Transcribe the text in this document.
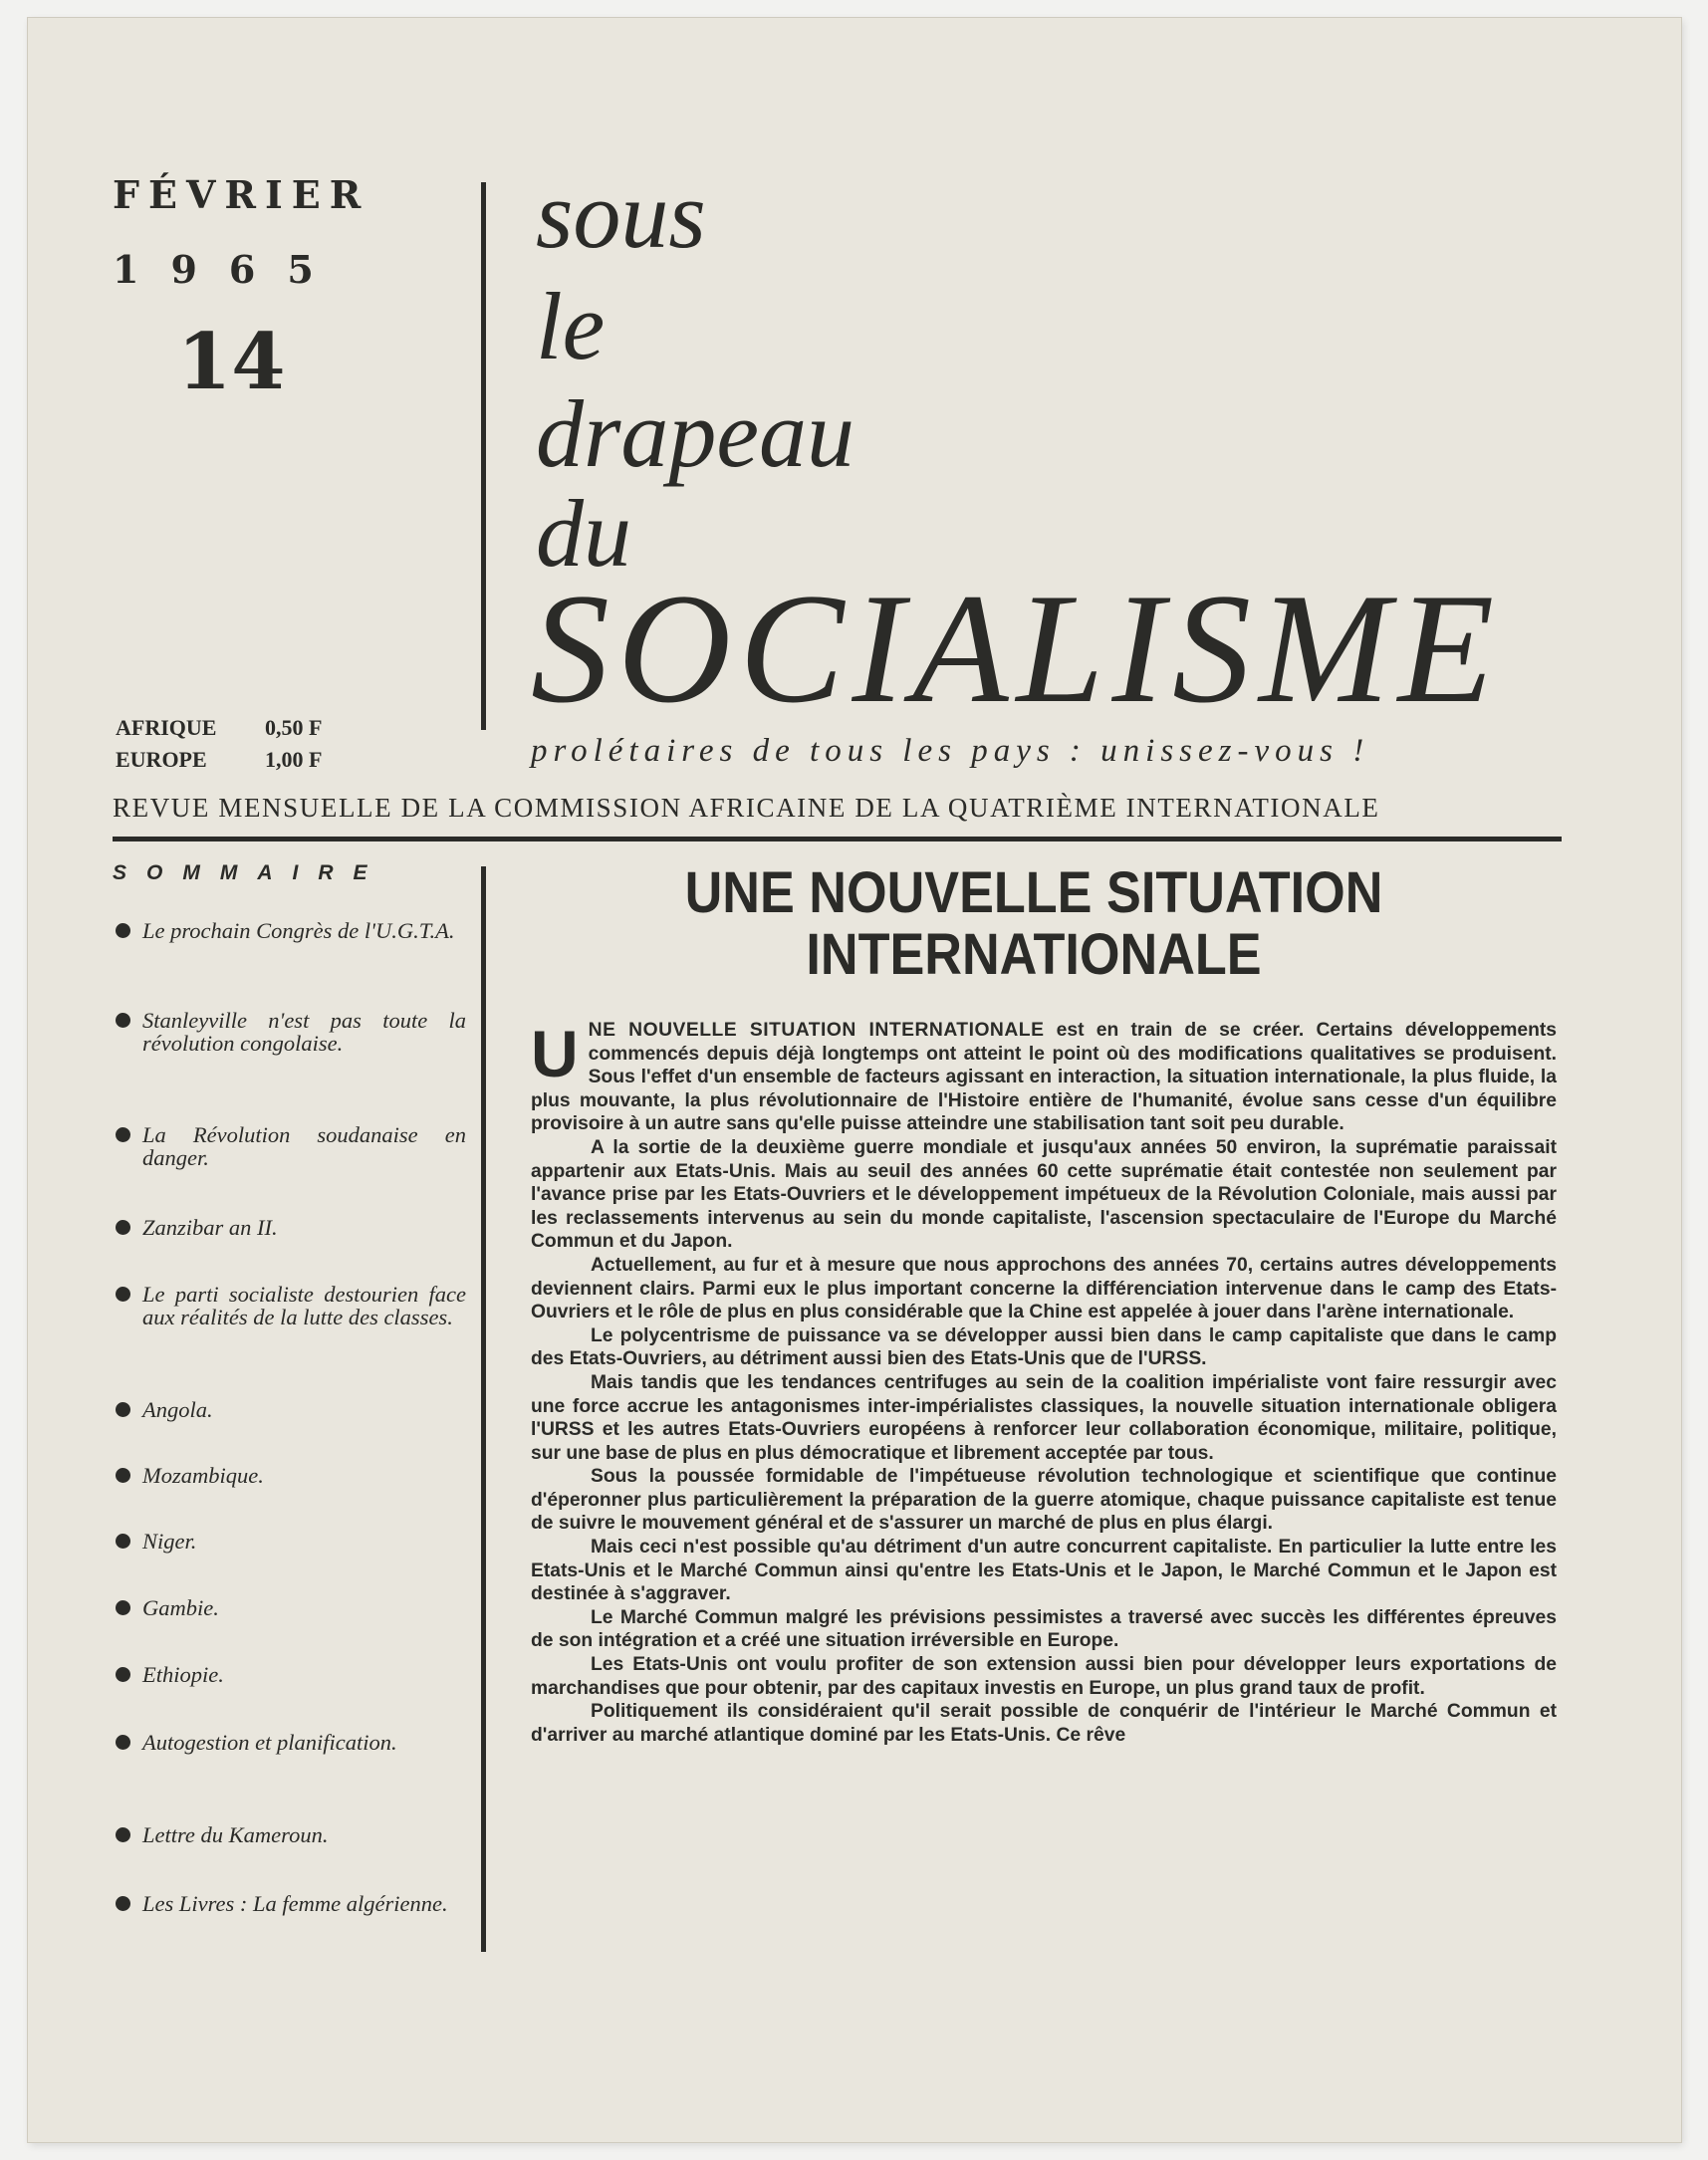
FÉVRIER
1965
14
AFRIQUE 0,50 F
EUROPE	1,00 F
sous
le
drapeau
du
SOCIALISME
prolétaires de tous les pays : unissez-vous !
REVUE MENSUELLE DE LA COMMISSION AFRICAINE DE LA QUATRIÈME INTERNATIONALE
SOMMAIRE
Le prochain Congrès de l'U.G.T.A.
Stanleyville n'est pas toute la révolution congolaise.
La Révolution soudanaise en danger.
Zanzibar an II.
Le parti socialiste destourien face aux réalités de la lutte des classes.
Angola.
Mozambique.
Niger.
Gambie.
Ethiopie.
Autogestion et planification.
Lettre du Kameroun.
Les Livres : La femme algérienne.
UNE NOUVELLE SITUATION
INTERNATIONALE

UNE NOUVELLE SITUATION INTERNATIONALE est en train de se créer. Certains développements commencés depuis déjà longtemps ont atteint le point où des modifications qualitatives se produisent. Sous l'effet d'un ensemble de facteurs agissant en interaction, la situation internationale, la plus fluide, la plus mouvante, la plus révolutionnaire de l'Histoire entière de l'humanité, évolue sans cesse d'un équilibre provisoire à un autre sans qu'elle puisse atteindre une stabilisation tant soit peu durable.

A la sortie de la deuxième guerre mondiale et jusqu'aux années 50 environ, la suprématie paraissait appartenir aux Etats-Unis. Mais au seuil des années 60 cette suprématie était contestée non seulement par l'avance prise par les Etats-Ouvriers et le développement impétueux de la Révolution Coloniale, mais aussi par les reclassements intervenus au sein du monde capitaliste, l'ascension spectaculaire de l'Europe du Marché Commun et du Japon.

Actuellement, au fur et à mesure que nous approchons des années 70, certains autres développements deviennent clairs. Parmi eux le plus important concerne la différenciation intervenue dans le camp des Etats-Ouvriers et le rôle de plus en plus considérable que la Chine est appelée à jouer dans l'arène internationale.

Le polycentrisme de puissance va se développer aussi bien dans le camp capitaliste que dans le camp des Etats-Ouvriers, au détriment aussi bien des Etats-Unis que de l'URSS.

Mais tandis que les tendances centrifuges au sein de la coalition impérialiste vont faire ressurgir avec une force accrue les antagonismes inter-impérialistes classiques, la nouvelle situation internationale obligera l'URSS et les autres Etats-Ouvriers européens à renforcer leur collaboration économique, militaire, politique, sur une base de plus en plus démocratique et librement acceptée par tous.

Sous la poussée formidable de l'impétueuse révolution technologique et scientifique que continue d'éperonner plus particulièrement la préparation de la guerre atomique, chaque puissance capitaliste est tenue de suivre le mouvement général et de s'assurer un marché de plus en plus élargi.

Mais ceci n'est possible qu'au détriment d'un autre concurrent capitaliste. En particulier la lutte entre les Etats-Unis et le Marché Commun ainsi qu'entre les Etats-Unis et le Japon, le Marché Commun et le Japon est destinée à s'aggraver.

Le Marché Commun malgré les prévisions pessimistes a traversé avec succès les différentes épreuves de son intégration et a créé une situation irréversible en Europe.

Les Etats-Unis ont voulu profiter de son extension aussi bien pour développer leurs exportations de marchandises que pour obtenir, par des capitaux investis en Europe, un plus grand taux de profit.

Politiquement ils considéraient qu'il serait possible de conquérir de l'intérieur le Marché Commun et d'arriver au marché atlantique dominé par les Etats-Unis. Ce rêve
